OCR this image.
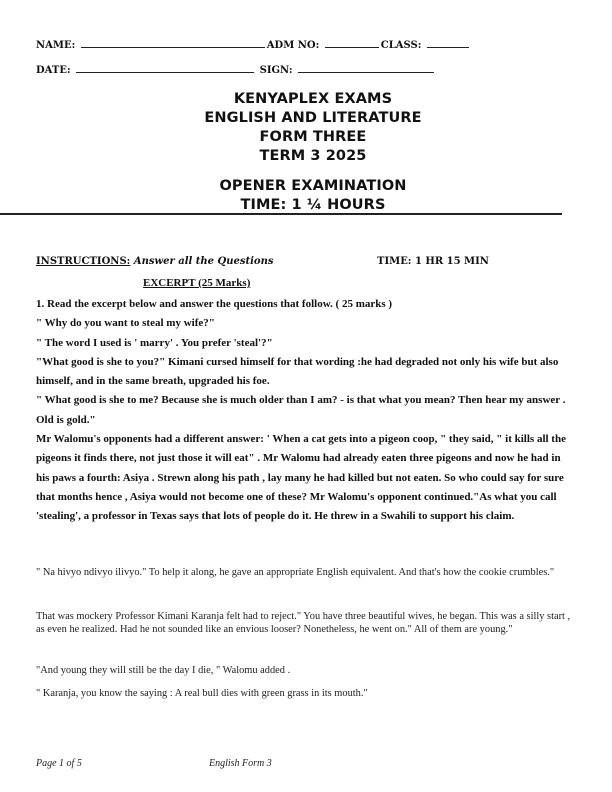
NAME:	ADM NO:	CLASS:
DATE:	SIGN:
KENYAPLEX EXAMS
ENGLISH AND LITERATURE
FORM THREE
TERM 3 2025
OPENER EXAMINATION
TIME: 1 ¼ HOURS
INSTRUCTIONS: Answer all the Questions	TIME: 1 HR 15 MIN
EXCERPT (25 Marks)

1. Read the excerpt below and answer the questions that follow. ( 25 marks )

" Why do you want to steal my wife?"

" The word I used is ' marry' . You prefer 'steal'?"

"What good is she to you?" Kimani cursed himself for that wording :he had degraded not only his wife but also himself, and in the same breath, upgraded his foe.

" What good is she to me? Because she is much older than I am? - is that what you mean? Then hear my answer . Old is gold."

Mr Walomu's opponents had a different answer: ' When a cat gets into a pigeon coop, " they said, " it kills all the pigeons it finds there, not just those it will eat" . Mr Walomu had already eaten three pigeons and now he had in his paws a fourth: Asiya . Strewn along his path , lay many he had killed but not eaten. So who could say for sure that months hence , Asiya would not become one of these? Mr Walomu's opponent continued."As what you call 'stealing', a professor in Texas says that lots of people do it. He threw in a Swahili to support his claim.

" Na hivyo ndivyo ilivyo." To help it along, he gave an appropriate English equivalent. And that's how the cookie crumbles."
That was mockery Professor Kimani Karanja felt had to reject." You have three beautiful wives, he began. This was a silly start , as even he realized. Had he not sounded like an envious looser? Nonetheless, he went on." All of them are young."
"And young they will still be the day I die, " Walomu added .
" Karanja, you know the saying : A real bull dies with green grass in its mouth."
Page 1 of 5	English Form 3
